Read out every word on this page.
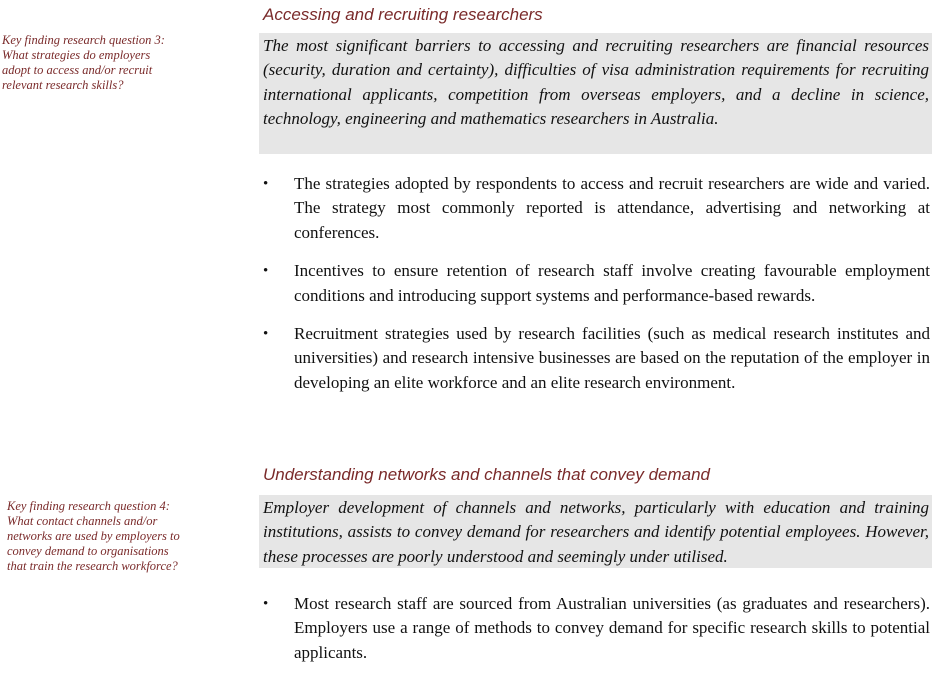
Key finding research question 3:
What strategies do employers
adopt to access and/or recruit
relevant research skills?
Accessing and recruiting researchers
The most significant barriers to accessing and recruiting researchers are financial resources (security, duration and certainty), difficulties of visa administration requirements for recruiting international applicants, competition from overseas employers, and a decline in science, technology, engineering and mathematics researchers in Australia.
• The strategies adopted by respondents to access and recruit researchers are wide and varied. The strategy most commonly reported is attendance, advertising and networking at conferences.
• Incentives to ensure retention of research staff involve creating favourable employment conditions and introducing support systems and performance-based rewards.
• Recruitment strategies used by research facilities (such as medical research institutes and universities) and research intensive businesses are based on the reputation of the employer in developing an elite workforce and an elite research environment.
Understanding networks and channels that convey demand
Key finding research question 4:
What contact channels and/or
networks are used by employers to
convey demand to organisations
that train the research workforce?
Employer development of channels and networks, particularly with education and training institutions, assists to convey demand for researchers and identify potential employees. However, these processes are poorly understood and seemingly under utilised.
• Most research staff are sourced from Australian universities (as graduates and researchers). Employers use a range of methods to convey demand for specific research skills to potential applicants.
